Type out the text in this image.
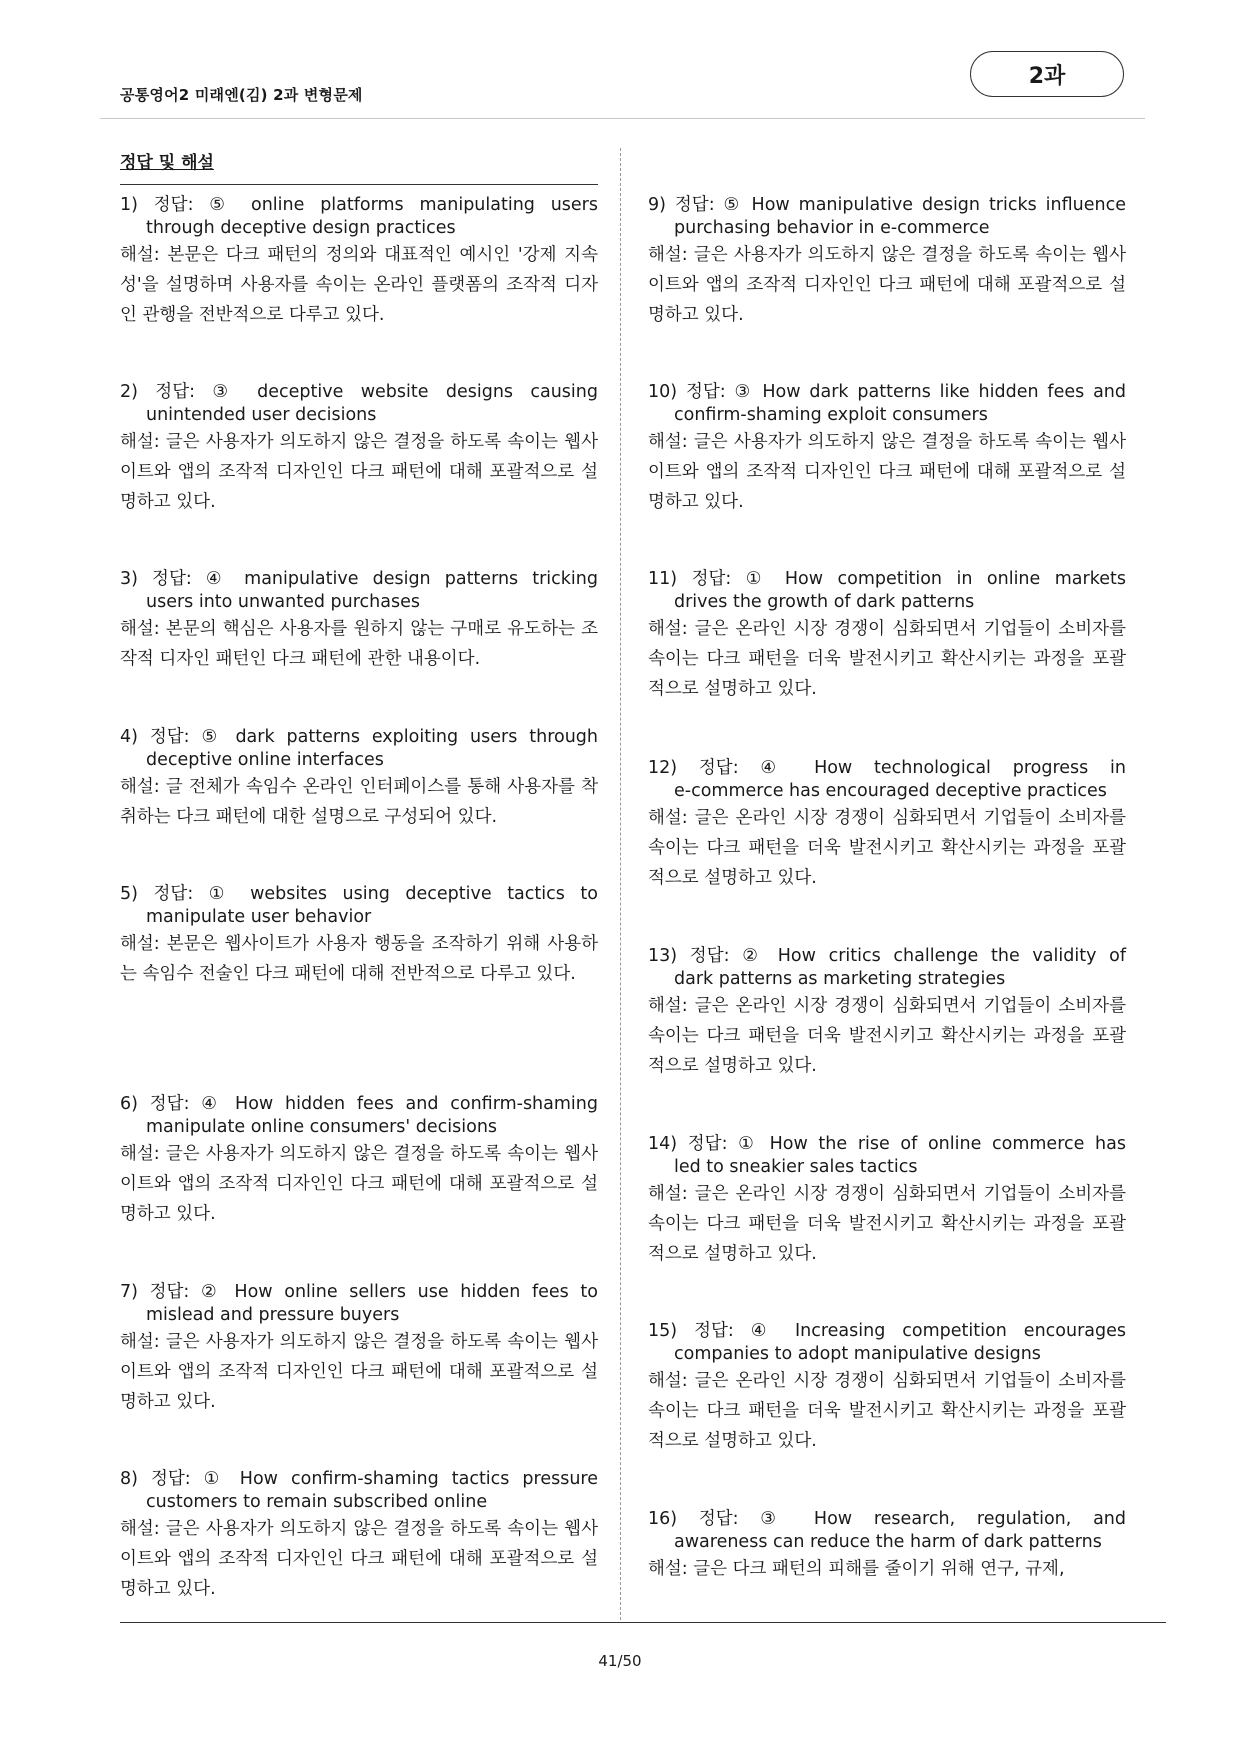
공통영어2 미래엔(김) 2과 변형문제
2과
정답 및 해설
1) 정답: ⑤ online platforms manipulating users
through deceptive design practices
해설: 본문은 다크 패턴의 정의와 대표적인 예시인 '강제 지속성'을 설명하며 사용자를 속이는 온라인 플랫폼의 조작적 디자인 관행을 전반적으로 다루고 있다.
2) 정답: ③ deceptive website designs causing
unintended user decisions
해설: 글은 사용자가 의도하지 않은 결정을 하도록 속이는 웹사이트와 앱의 조작적 디자인인 다크 패턴에 대해 포괄적으로 설명하고 있다.
3) 정답: ④ manipulative design patterns tricking
users into unwanted purchases
해설: 본문의 핵심은 사용자를 원하지 않는 구매로 유도하는 조작적 디자인 패턴인 다크 패턴에 관한 내용이다.
4) 정답: ⑤ dark patterns exploiting users through
deceptive online interfaces
해설: 글 전체가 속임수 온라인 인터페이스를 통해 사용자를 착취하는 다크 패턴에 대한 설명으로 구성되어 있다.
5) 정답: ① websites using deceptive tactics to
manipulate user behavior
해설: 본문은 웹사이트가 사용자 행동을 조작하기 위해 사용하는 속임수 전술인 다크 패턴에 대해 전반적으로 다루고 있다.
6) 정답: ④ How hidden fees and confirm-shaming
manipulate online consumers' decisions
해설: 글은 사용자가 의도하지 않은 결정을 하도록 속이는 웹사이트와 앱의 조작적 디자인인 다크 패턴에 대해 포괄적으로 설명하고 있다.
7) 정답: ② How online sellers use hidden fees to
mislead and pressure buyers
해설: 글은 사용자가 의도하지 않은 결정을 하도록 속이는 웹사이트와 앱의 조작적 디자인인 다크 패턴에 대해 포괄적으로 설명하고 있다.
8) 정답: ① How confirm-shaming tactics pressure
customers to remain subscribed online
해설: 글은 사용자가 의도하지 않은 결정을 하도록 속이는 웹사이트와 앱의 조작적 디자인인 다크 패턴에 대해 포괄적으로 설명하고 있다.
9) 정답: ⑤ How manipulative design tricks influence
purchasing behavior in e-commerce
해설: 글은 사용자가 의도하지 않은 결정을 하도록 속이는 웹사이트와 앱의 조작적 디자인인 다크 패턴에 대해 포괄적으로 설명하고 있다.
10) 정답: ③ How dark patterns like hidden fees and
confirm-shaming exploit consumers
해설: 글은 사용자가 의도하지 않은 결정을 하도록 속이는 웹사이트와 앱의 조작적 디자인인 다크 패턴에 대해 포괄적으로 설명하고 있다.
11) 정답: ① How competition in online markets
drives the growth of dark patterns
해설: 글은 온라인 시장 경쟁이 심화되면서 기업들이 소비자를 속이는 다크 패턴을 더욱 발전시키고 확산시키는 과정을 포괄적으로 설명하고 있다.
12) 정답: ④ How technological progress in
e-commerce has encouraged deceptive practices
해설: 글은 온라인 시장 경쟁이 심화되면서 기업들이 소비자를 속이는 다크 패턴을 더욱 발전시키고 확산시키는 과정을 포괄적으로 설명하고 있다.
13) 정답: ② How critics challenge the validity of
dark patterns as marketing strategies
해설: 글은 온라인 시장 경쟁이 심화되면서 기업들이 소비자를 속이는 다크 패턴을 더욱 발전시키고 확산시키는 과정을 포괄적으로 설명하고 있다.
14) 정답: ① How the rise of online commerce has
led to sneakier sales tactics
해설: 글은 온라인 시장 경쟁이 심화되면서 기업들이 소비자를 속이는 다크 패턴을 더욱 발전시키고 확산시키는 과정을 포괄적으로 설명하고 있다.
15) 정답: ④ Increasing competition encourages
companies to adopt manipulative designs
해설: 글은 온라인 시장 경쟁이 심화되면서 기업들이 소비자를 속이는 다크 패턴을 더욱 발전시키고 확산시키는 과정을 포괄적으로 설명하고 있다.
16) 정답: ③ How research, regulation, and
awareness can reduce the harm of dark patterns
해설: 글은 다크 패턴의 피해를 줄이기 위해 연구, 규제,
41/50
